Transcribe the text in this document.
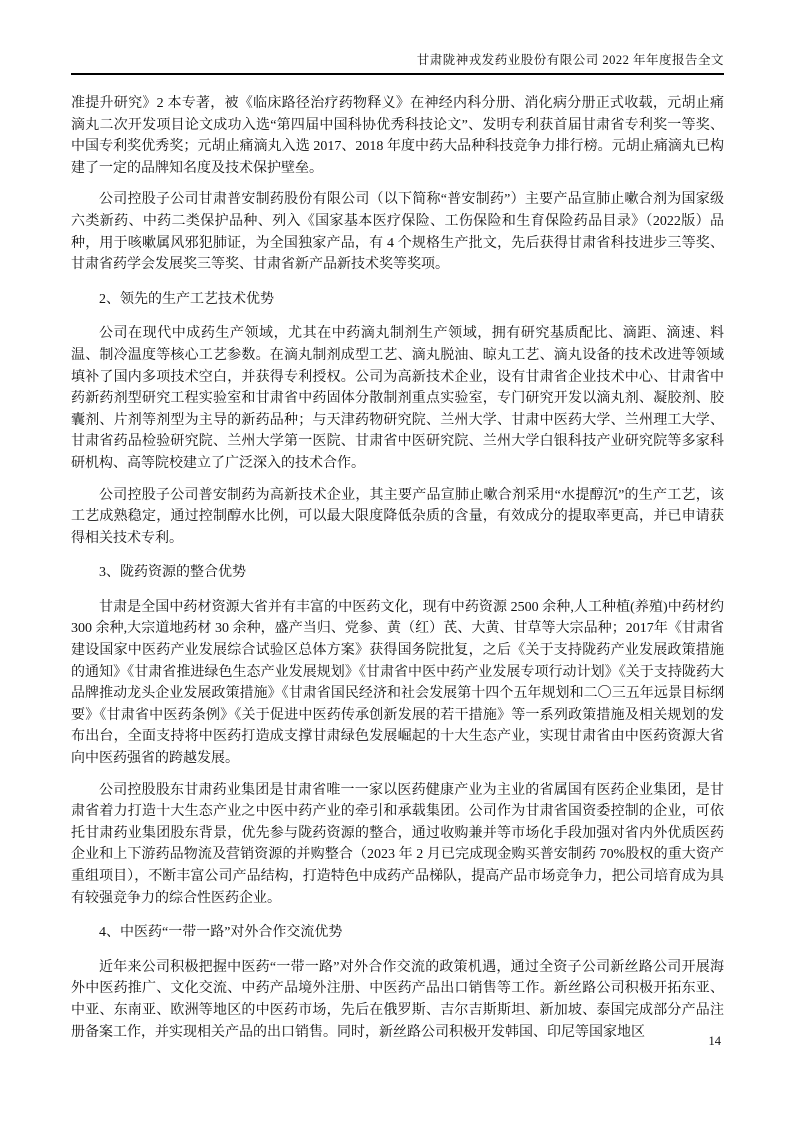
甘肃陇神戎发药业股份有限公司 2022 年年度报告全文

准提升研究》2 本专著，被《临床路径治疗药物释义》在神经内科分册、消化病分册正式收载，元胡止痛滴丸二次开发项目论文成功入选“第四届中国科协优秀科技论文”、发明专利获首届甘肃省专利奖一等奖、中国专利奖优秀奖；元胡止痛滴丸入选 2017、2018 年度中药大品种科技竞争力排行榜。元胡止痛滴丸已构建了一定的品牌知名度及技术保护壁垒。

公司控股子公司甘肃普安制药股份有限公司（以下简称“普安制药”）主要产品宣肺止嗽合剂为国家级六类新药、中药二类保护品种、列入《国家基本医疗保险、工伤保险和生育保险药品目录》（2022版）品种，用于咳嗽属风邪犯肺证，为全国独家产品，有 4 个规格生产批文，先后获得甘肃省科技进步三等奖、甘肃省药学会发展奖三等奖、甘肃省新产品新技术奖等奖项。

2、领先的生产工艺技术优势

公司在现代中成药生产领域，尤其在中药滴丸制剂生产领域，拥有研究基质配比、滴距、滴速、料温、制冷温度等核心工艺参数。在滴丸制剂成型工艺、滴丸脱油、晾丸工艺、滴丸设备的技术改进等领域填补了国内多项技术空白，并获得专利授权。公司为高新技术企业，设有甘肃省企业技术中心、甘肃省中药新药剂型研究工程实验室和甘肃省中药固体分散制剂重点实验室，专门研究开发以滴丸剂、凝胶剂、胶囊剂、片剂等剂型为主导的新药品种；与天津药物研究院、兰州大学、甘肃中医药大学、兰州理工大学、甘肃省药品检验研究院、兰州大学第一医院、甘肃省中医研究院、兰州大学白银科技产业研究院等多家科研机构、高等院校建立了广泛深入的技术合作。

公司控股子公司普安制药为高新技术企业，其主要产品宣肺止嗽合剂采用“水提醇沉”的生产工艺，该工艺成熟稳定，通过控制醇水比例，可以最大限度降低杂质的含量，有效成分的提取率更高，并已申请获得相关技术专利。

3、陇药资源的整合优势

甘肃是全国中药材资源大省并有丰富的中医药文化，现有中药资源 2500 余种,人工种植(养殖)中药材约 300 余种,大宗道地药材 30 余种，盛产当归、党参、黄（红）芪、大黄、甘草等大宗品种；2017年《甘肃省建设国家中医药产业发展综合试验区总体方案》获得国务院批复，之后《关于支持陇药产业发展政策措施的通知》《甘肃省推进绿色生态产业发展规划》《甘肃省中医中药产业发展专项行动计划》《关于支持陇药大品牌推动龙头企业发展政策措施》《甘肃省国民经济和社会发展第十四个五年规划和二〇三五年远景目标纲要》《甘肃省中医药条例》《关于促进中医药传承创新发展的若干措施》等一系列政策措施及相关规划的发布出台，全面支持将中医药打造成支撑甘肃绿色发展崛起的十大生态产业，实现甘肃省由中医药资源大省向中医药强省的跨越发展。

公司控股股东甘肃药业集团是甘肃省唯一一家以医药健康产业为主业的省属国有医药企业集团，是甘肃省着力打造十大生态产业之中医中药产业的牵引和承载集团。公司作为甘肃省国资委控制的企业，可依托甘肃药业集团股东背景，优先参与陇药资源的整合，通过收购兼并等市场化手段加强对省内外优质医药企业和上下游药品物流及营销资源的并购整合（2023 年 2 月已完成现金购买普安制药 70%股权的重大资产重组项目），不断丰富公司产品结构，打造特色中成药产品梯队，提高产品市场竞争力，把公司培育成为具有较强竞争力的综合性医药企业。

4、中医药“一带一路”对外合作交流优势

近年来公司积极把握中医药“一带一路”对外合作交流的政策机遇，通过全资子公司新丝路公司开展海外中医药推广、文化交流、中药产品境外注册、中医药产品出口销售等工作。新丝路公司积极开拓东亚、中亚、东南亚、欧洲等地区的中医药市场，先后在俄罗斯、吉尔吉斯斯坦、新加坡、泰国完成部分产品注册备案工作，并实现相关产品的出口销售。同时，新丝路公司积极开发韩国、印尼等国家地区

14
